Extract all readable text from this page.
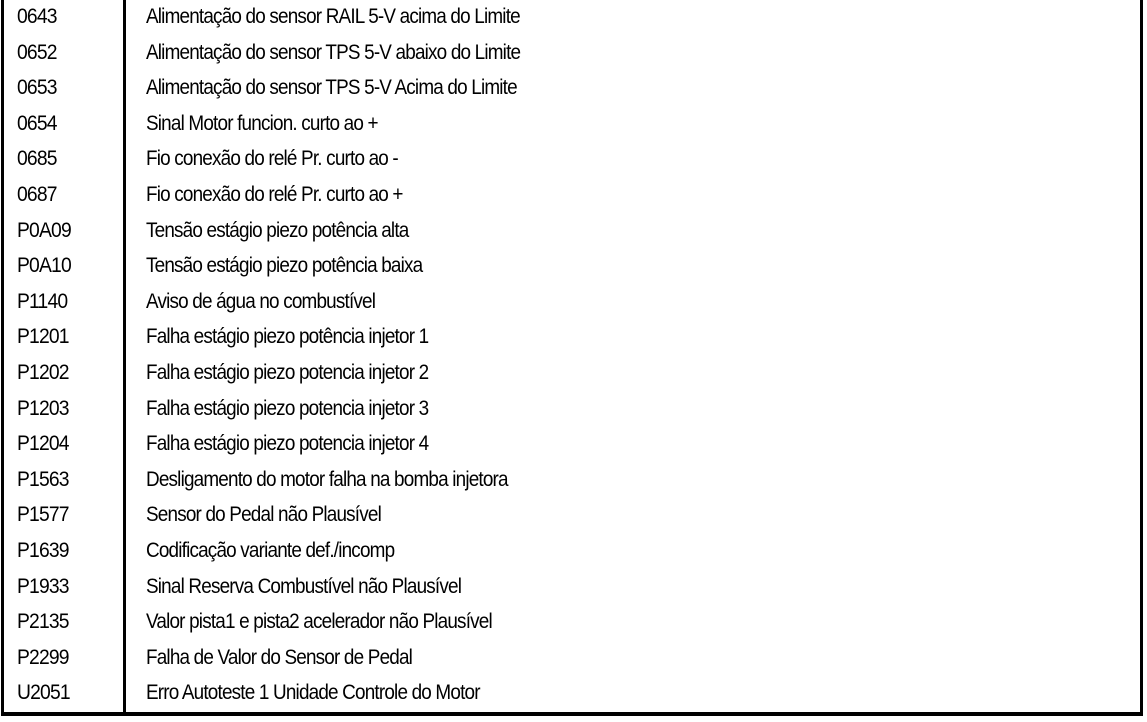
0643	Alimentação do sensor RAIL 5-V acima do Limite
0652	Alimentação do sensor TPS 5-V abaixo do Limite
0653	Alimentação do sensor TPS 5-V Acima do Limite
0654	Sinal Motor funcion. curto ao +
0685	Fio conexão do relé Pr. curto ao -
0687	Fio conexão do relé Pr. curto ao +
P0A09	Tensão estágio piezo potência alta
P0A10	Tensão estágio piezo potência baixa
P1140	Aviso de água no combustível
P1201	Falha estágio piezo potência injetor 1
P1202	Falha estágio piezo potencia injetor 2
P1203	Falha estágio piezo potencia injetor 3
P1204	Falha estágio piezo potencia injetor 4
P1563	Desligamento do motor falha na bomba injetora
P1577	Sensor do Pedal não Plausível
P1639	Codificação variante def./incomp
P1933	Sinal Reserva Combustível não Plausível
P2135	Valor pista1 e pista2 acelerador não Plausível
P2299	Falha de Valor do Sensor de Pedal
U2051	Erro Autoteste 1 Unidade Controle do Motor
